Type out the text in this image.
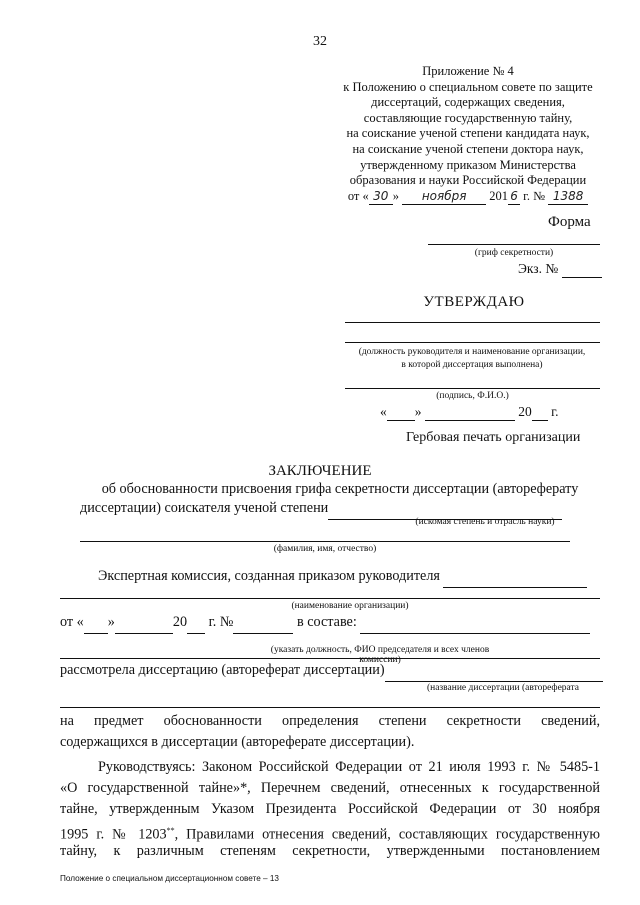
32
Приложение № 4
к Положению о специальном совете по защите
диссертаций, содержащих сведения,
составляющие государственную тайну,
на соискание ученой степени кандидата наук,
на соискание ученой степени доктора наук,
утвержденному приказом Министерства
образования и науки Российской Федерации
от « 30 » ноября 201 6 г. № 1388
Форма
(гриф секретности)
Экз. №
УТВЕРЖДАЮ
(должность руководителя и наименование организации,
в которой диссертация выполнена)
(подпись, Ф.И.О.)
« »	20 г.
Гербовая печать организации
ЗАКЛЮЧЕНИЕ
об обоснованности присвоения грифа секретности диссертации (автореферату
диссертации) соискателя ученой степени
(искомая степень и отрасль науки)
(фамилия, имя, отчество)
Экспертная комиссия, созданная приказом руководителя
(наименование организации)
от « »	20 г. №	в составе:
(указать должность, ФИО председателя и всех членов комиссии)
рассмотрела диссертацию (автореферат диссертации)
(название диссертации (автореферата
на предмет обоснованности определения степени секретности сведений,
содержащихся в диссертации (автореферате диссертации).
Руководствуясь: Законом Российской Федерации от 21 июля 1993 г. № 5485-1
«О государственной тайне»*, Перечнем сведений, отнесенных к государственной
тайне, утвержденным Указом Президента Российской Федерации от 30 ноября
1995 г. № 1203**, Правилами отнесения сведений, составляющих государственную
тайну, к различным степеням секретности, утвержденными постановлением
Положение о специальном диссертационном совете – 13
